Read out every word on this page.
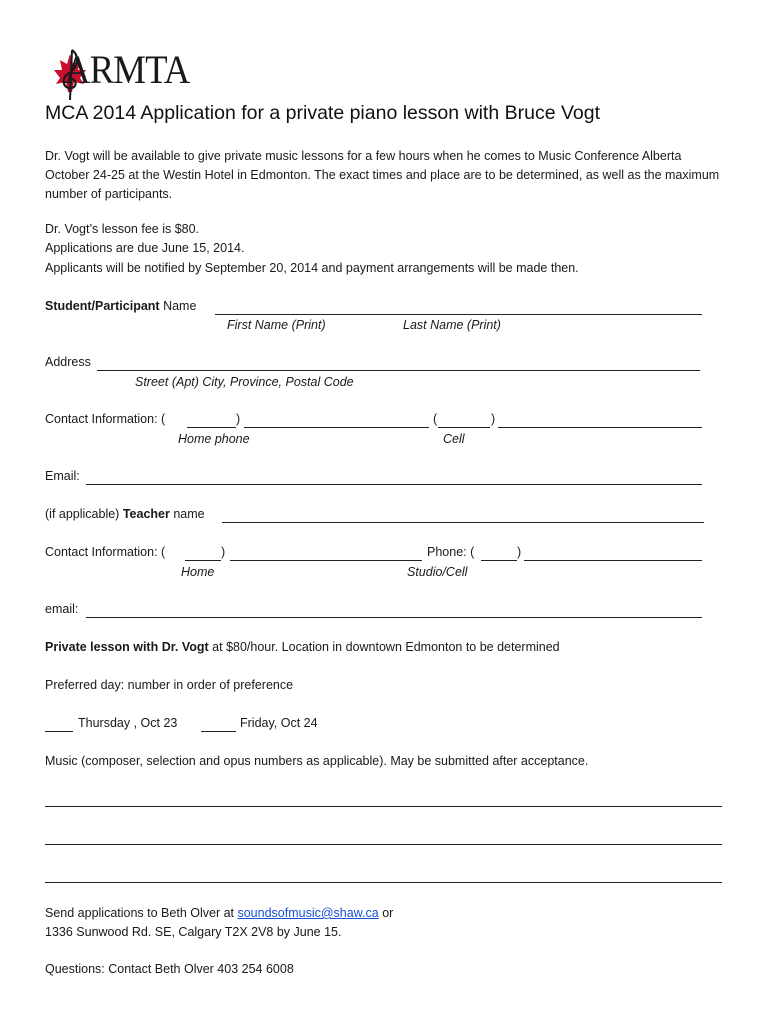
ARMTA
MCA 2014 Application for a private piano lesson with Bruce Vogt
Dr. Vogt will be available to give private music lessons for a few hours when he comes to Music Conference Alberta October 24-25 at the Westin Hotel in Edmonton. The exact times and place are to be determined, as well as the maximum number of participants.
Dr. Vogt’s lesson fee is $80.
Applications are due June 15, 2014.
Applicants will be notified by September 20, 2014 and payment arrangements will be made then.
Student/Participant Name
First Name (Print)	Last Name (Print)
Address
Street (Apt) City, Province, Postal Code
Contact Information: (	)	(	)
Home phone	Cell
Email:
(if applicable) Teacher name
Contact Information: (	)	Phone: (	)
Home	Studio/Cell
email:
Private lesson with Dr. Vogt at $80/hour. Location in downtown Edmonton to be determined
Preferred day: number in order of preference
Thursday , Oct 23	Friday, Oct 24
Music (composer, selection and opus numbers as applicable). May be submitted after acceptance.
Send applications to Beth Olver at soundsofmusic@shaw.ca or
1336 Sunwood Rd. SE, Calgary T2X 2V8 by June 15.
Questions: Contact Beth Olver 403 254 6008
